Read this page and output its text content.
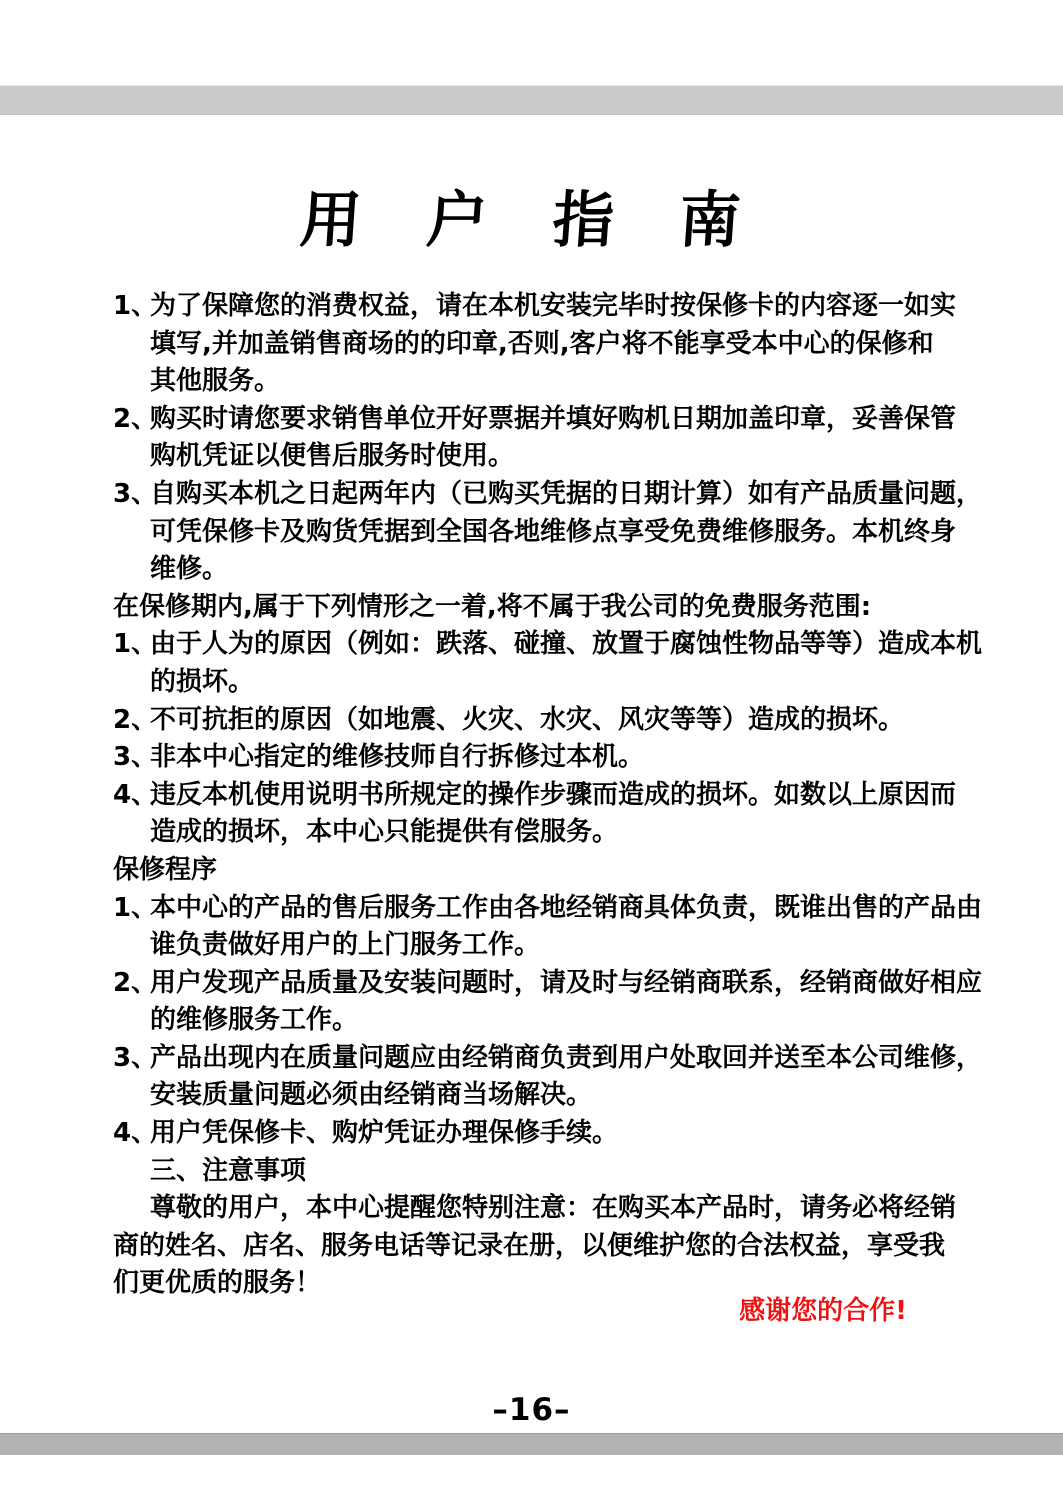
用 户 指 南
1、
为了保障您的消费权益，请在本机安装完毕时按保修卡的内容逐一如实
填写,并加盖销售商场的的印章,否则,客户将不能享受本中心的保修和
其他服务。
2、
购买时请您要求销售单位开好票据并填好购机日期加盖印章，妥善保管
购机凭证以便售后服务时使用。
3、
自购买本机之日起两年内（已购买凭据的日期计算）如有产品质量问题，
可凭保修卡及购货凭据到全国各地维修点享受免费维修服务。本机终身
维修。
在保修期内,属于下列情形之一着,将不属于我公司的免费服务范围:
1、
由于人为的原因（例如：跌落、碰撞、放置于腐蚀性物品等等）造成本机
的损坏。
2、
不可抗拒的原因（如地震、火灾、水灾、风灾等等）造成的损坏。
3、
非本中心指定的维修技师自行拆修过本机。
4、
违反本机使用说明书所规定的操作步骤而造成的损坏。如数以上原因而
造成的损坏，本中心只能提供有偿服务。
保修程序
1、
本中心的产品的售后服务工作由各地经销商具体负责，既谁出售的产品由
谁负责做好用户的上门服务工作。
2、
用户发现产品质量及安装问题时，请及时与经销商联系，经销商做好相应
的维修服务工作。
3、
产品出现内在质量问题应由经销商负责到用户处取回并送至本公司维修，
安装质量问题必须由经销商当场解决。
4、
用户凭保修卡、购炉凭证办理保修手续。
三、注意事项
尊敬的用户，本中心提醒您特别注意：在购买本产品时，请务必将经销
商的姓名、店名、服务电话等记录在册，以便维护您的合法权益，享受我
们更优质的服务！
感谢您的合作!
–16–
